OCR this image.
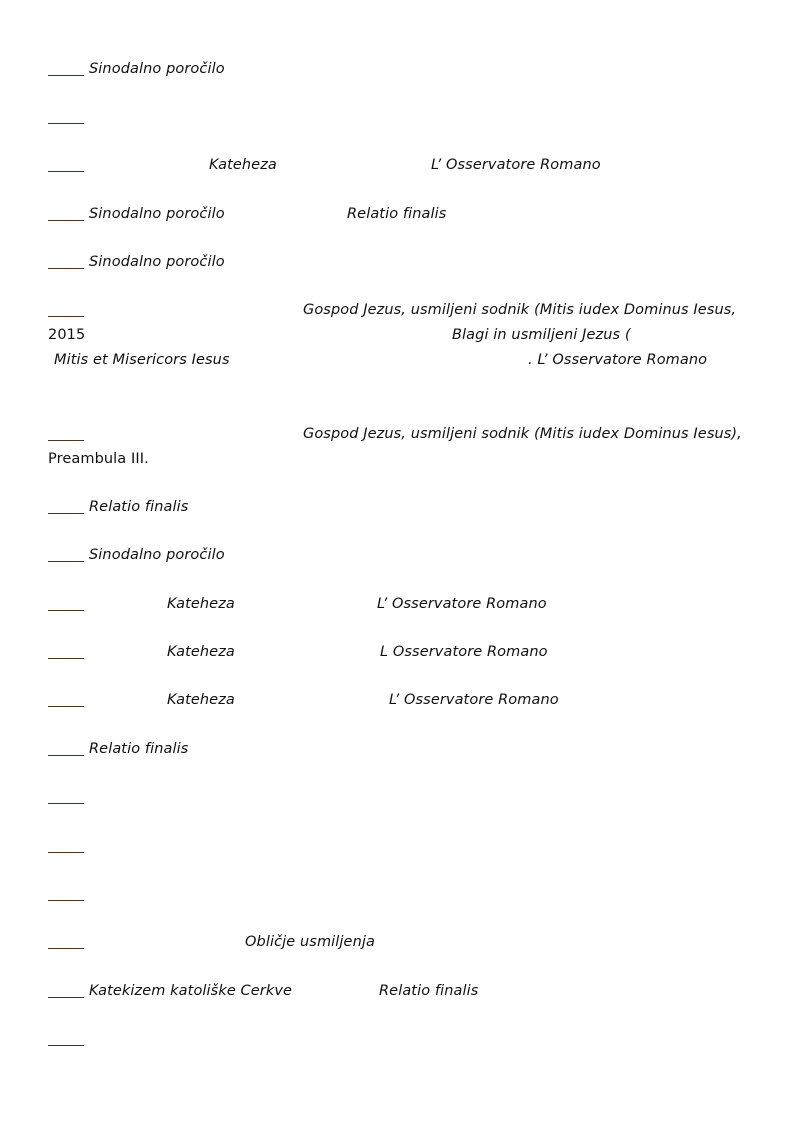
Sinodalno poročilo
Kateheza	L’ Osservatore Romano
Sinodalno poročilo	Relatio finalis
Sinodalno poročilo
Gospod Jezus, usmiljeni sodnik (Mitis iudex Dominus Iesus,
2015	Blagi in usmiljeni Jezus (
Mitis et Misericors Iesus	. L’ Osservatore Romano
Gospod Jezus, usmiljeni sodnik (Mitis iudex Dominus Iesus),
Preambula III.
Relatio finalis
Sinodalno poročilo
Kateheza	L’ Osservatore Romano
Kateheza	L Osservatore Romano
Kateheza	L’ Osservatore Romano
Relatio finalis
Obličje usmiljenja
Katekizem katoliške Cerkve	Relatio finalis
